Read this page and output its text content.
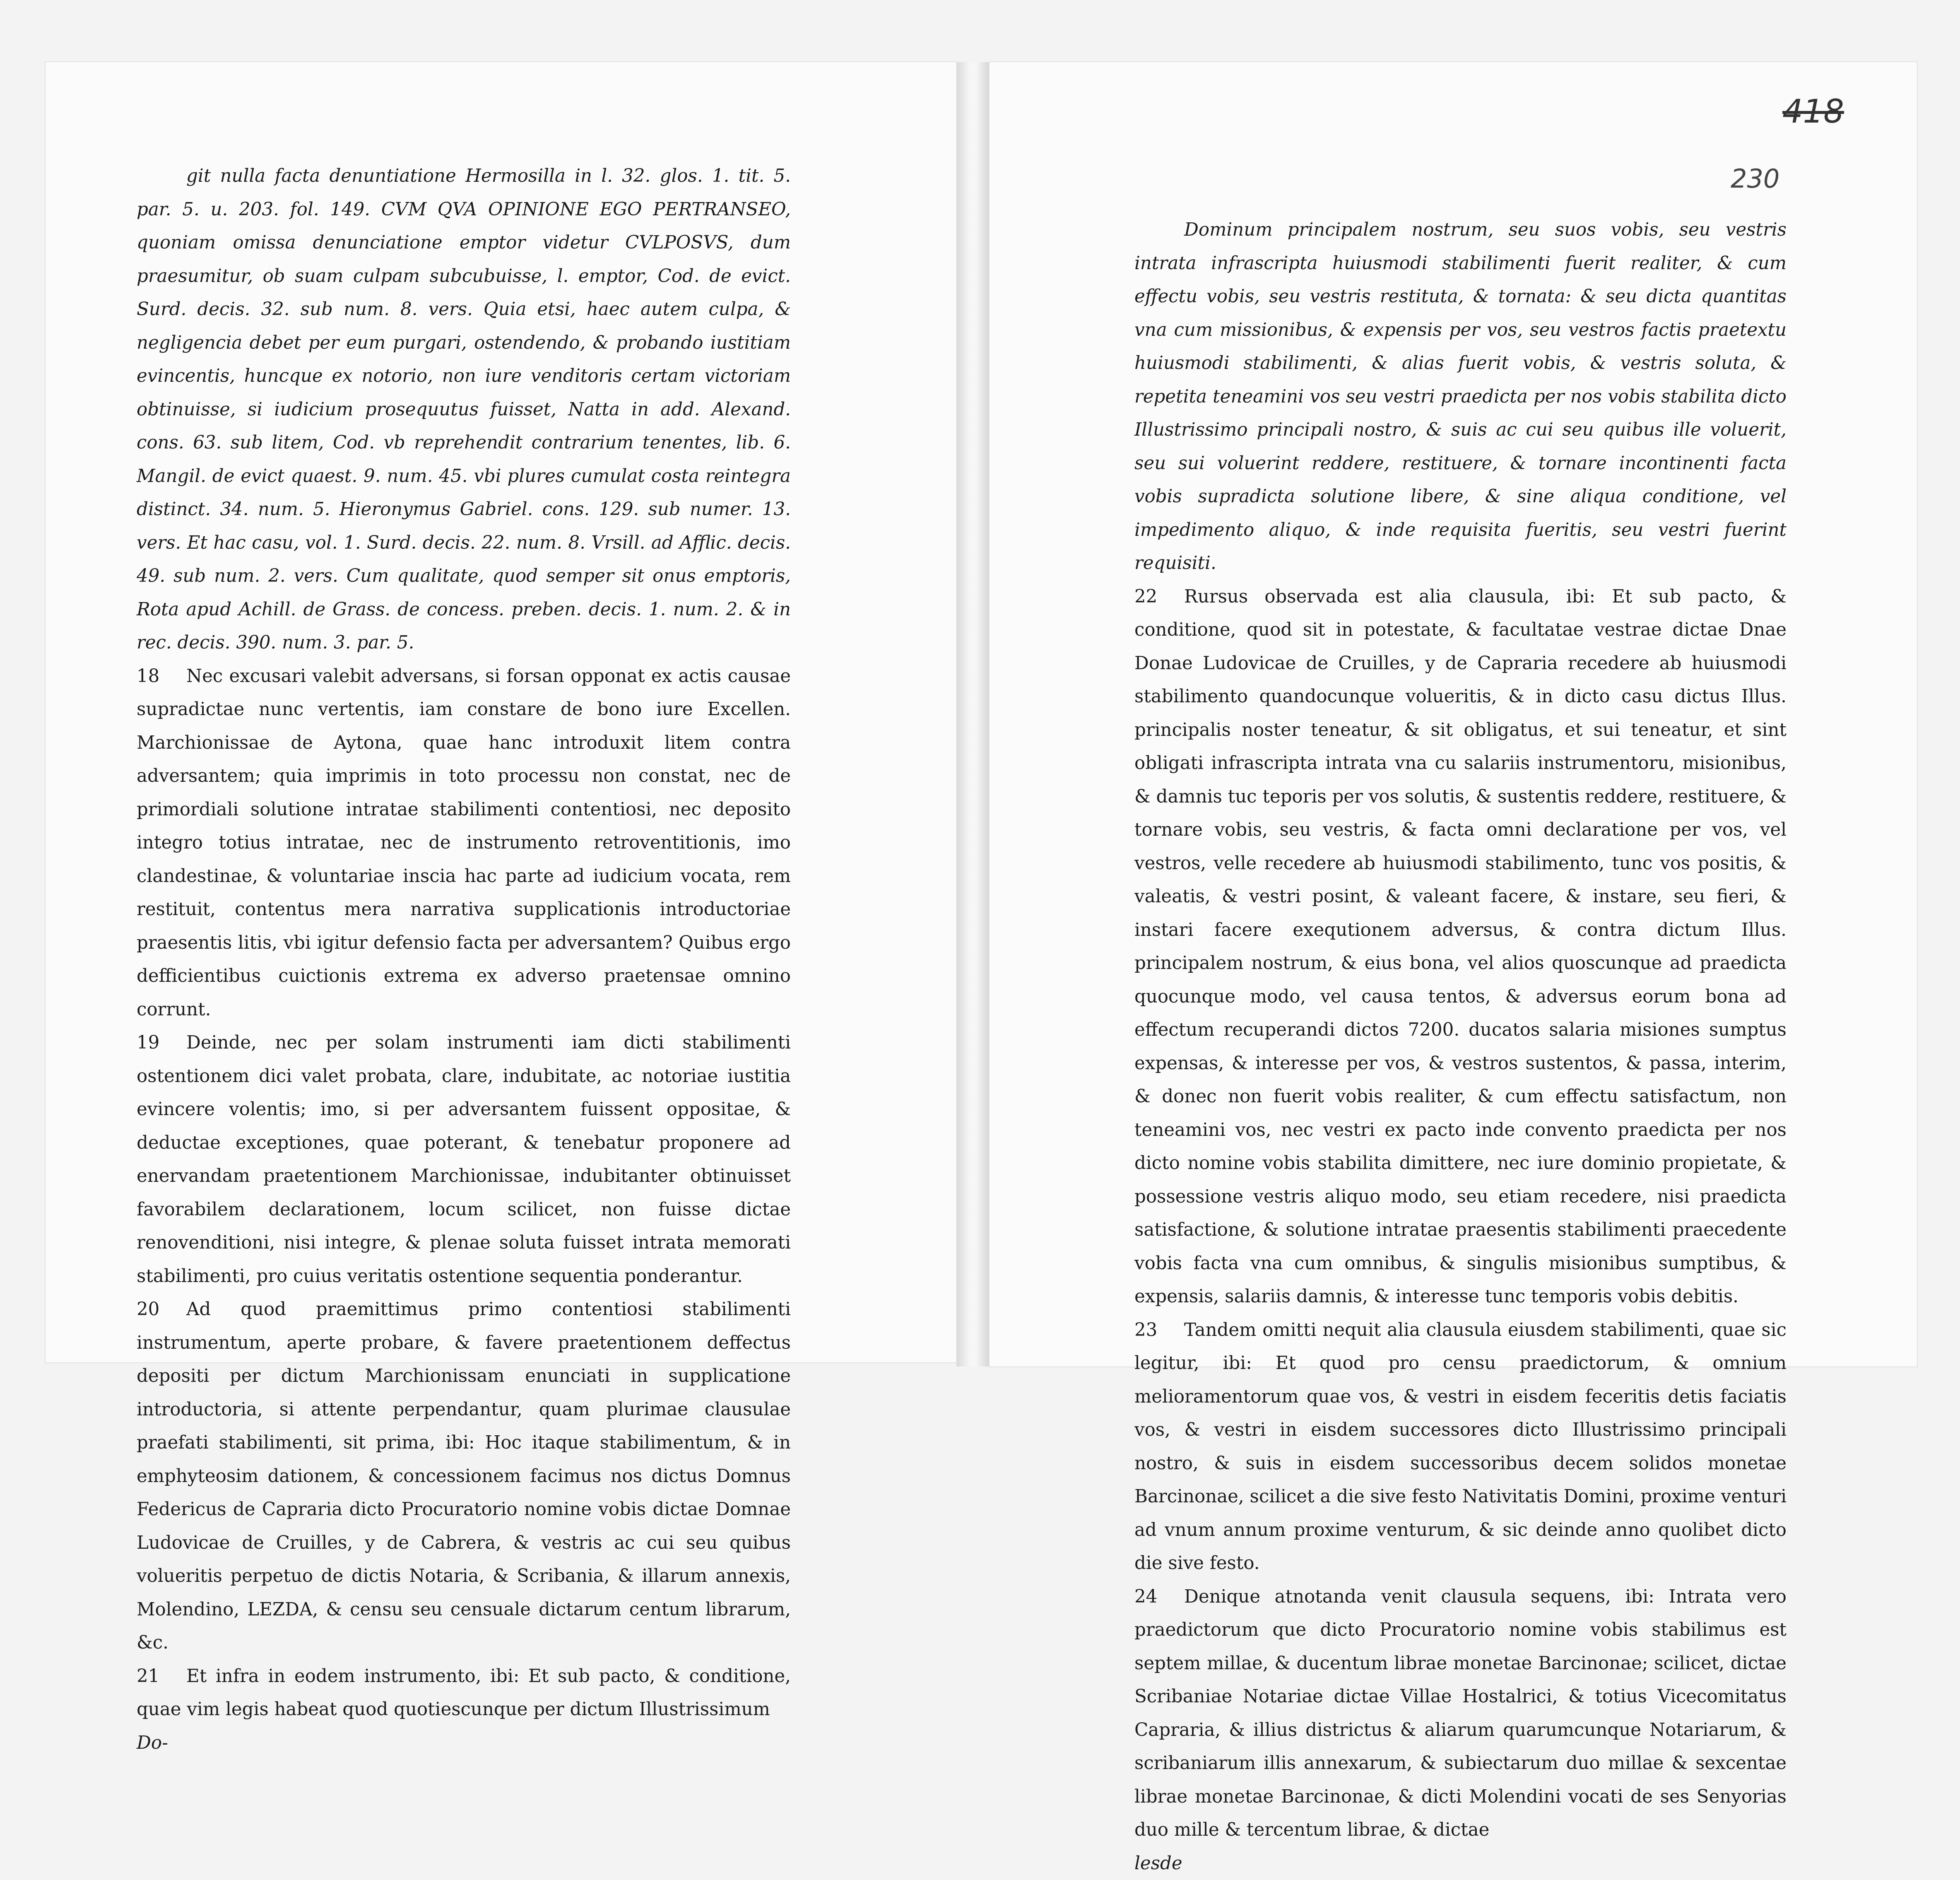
418
230

git nulla facta denuntiatione Hermosilla in l. 32. glos. 1. tit. 5. par. 5. u. 203. fol. 149. CVM QVA OPINIONE EGO PERTRANSEO, quoniam omissa denunciatione emptor videtur CVLPOSVS, dum praesumitur, ob suam culpam subcubuisse, l. emptor, Cod. de evict. Surd. decis. 32. sub num. 8. vers. Quia etsi, haec autem culpa, & negligencia debet per eum purgari, ostendendo, & probando iustitiam evincentis, huncque ex notorio, non iure venditoris certam victoriam obtinuisse, si iudicium prosequutus fuisset, Natta in add. Alexand. cons. 63. sub litem, Cod. vb reprehendit contrarium tenentes, lib. 6. Mangil. de evict quaest. 9. num. 45. vbi plures cumulat costa reintegra distinct. 34. num. 5. Hieronymus Gabriel. cons. 129. sub numer. 13. vers. Et hac casu, vol. 1. Surd. decis. 22. num. 8. Vrsill. ad Afflic. decis. 49. sub num. 2. vers. Cum qualitate, quod semper sit onus emptoris, Rota apud Achill. de Grass. de concess. preben. decis. 1. num. 2. & in rec. decis. 390. num. 3. par. 5.

18 Nec excusari valebit adversans, si forsan opponat ex actis causae supradictae nunc vertentis, iam constare de bono iure Excellen. Marchionissae de Aytona, quae hanc introduxit litem contra adversantem; quia imprimis in toto processu non constat, nec de primordiali solutione intratae stabilimenti contentiosi, nec deposito integro totius intratae, nec de instrumento retroventitionis, imo clandestinae, & voluntariae inscia hac parte ad iudicium vocata, rem restituit, contentus mera narrativa supplicationis introductoriae praesentis litis, vbi igitur defensio facta per adversantem? Quibus ergo defficientibus cuictionis extrema ex adverso praetensae omnino corrunt.

19 Deinde, nec per solam instrumenti iam dicti stabilimenti ostentionem dici valet probata, clare, indubitate, ac notoriae iustitia evincere volentis; imo, si per adversantem fuissent oppositae, & deductae exceptiones, quae poterant, & tenebatur proponere ad enervandam praetentionem Marchionissae, indubitanter obtinuisset favorabilem declarationem, locum scilicet, non fuisse dictae renovenditioni, nisi integre, & plenae soluta fuisset intrata memorati stabilimenti, pro cuius veritatis ostentione sequentia ponderantur.

20 Ad quod praemittimus primo contentiosi stabilimenti instrumentum, aperte probare, & favere praetentionem deffectus depositi per dictum Marchionissam enunciati in supplicatione introductoria, si attente perpendantur, quam plurimae clausulae praefati stabilimenti, sit prima, ibi: Hoc itaque stabilimentum, & in emphyteosim dationem, & concessionem facimus nos dictus Domnus Federicus de Capraria dicto Procuratorio nomine vobis dictae Domnae Ludovicae de Cruilles, y de Cabrera, & vestris ac cui seu quibus volueritis perpetuo de dictis Notaria, & Scribania, & illarum annexis, Molendino, LEZDA, & censu seu censuale dictarum centum librarum, &c.

21 Et infra in eodem instrumento, ibi: Et sub pacto, & conditione, quae vim legis habeat quod quotiescunque per dictum Illustrissimum

Do-

Dominum principalem nostrum, seu suos vobis, seu vestris intrata infrascripta huiusmodi stabilimenti fuerit realiter, & cum effectu vobis, seu vestris restituta, & tornata: & seu dicta quantitas vna cum missionibus, & expensis per vos, seu vestros factis praetextu huiusmodi stabilimenti, & alias fuerit vobis, & vestris soluta, & repetita teneamini vos seu vestri praedicta per nos vobis stabilita dicto Illustrissimo principali nostro, & suis ac cui seu quibus ille voluerit, seu sui voluerint reddere, restituere, & tornare incontinenti facta vobis supradicta solutione libere, & sine aliqua conditione, vel impedimento aliquo, & inde requisita fueritis, seu vestri fuerint requisiti.

22 Rursus observada est alia clausula, ibi: Et sub pacto, & conditione, quod sit in potestate, & facultatae vestrae dictae Dnae Donae Ludovicae de Cruilles, y de Capraria recedere ab huiusmodi stabilimento quandocunque volueritis, & in dicto casu dictus Illus. principalis noster teneatur, & sit obligatus, et sui teneatur, et sint obligati infrascripta intrata vna cu salariis instrumentoru, misionibus, & damnis tuc teporis per vos solutis, & sustentis reddere, restituere, & tornare vobis, seu vestris, & facta omni declaratione per vos, vel vestros, velle recedere ab huiusmodi stabilimento, tunc vos positis, & valeatis, & vestri posint, & valeant facere, & instare, seu fieri, & instari facere exequtionem adversus, & contra dictum Illus. principalem nostrum, & eius bona, vel alios quoscunque ad praedicta quocunque modo, vel causa tentos, & adversus eorum bona ad effectum recuperandi dictos 7200. ducatos salaria misiones sumptus expensas, & interesse per vos, & vestros sustentos, & passa, interim, & donec non fuerit vobis realiter, & cum effectu satisfactum, non teneamini vos, nec vestri ex pacto inde convento praedicta per nos dicto nomine vobis stabilita dimittere, nec iure dominio propietate, & possessione vestris aliquo modo, seu etiam recedere, nisi praedicta satisfactione, & solutione intratae praesentis stabilimenti praecedente vobis facta vna cum omnibus, & singulis misionibus sumptibus, & expensis, salariis damnis, & interesse tunc temporis vobis debitis.

23 Tandem omitti nequit alia clausula eiusdem stabilimenti, quae sic legitur, ibi: Et quod pro censu praedictorum, & omnium melioramentorum quae vos, & vestri in eisdem feceritis detis faciatis vos, & vestri in eisdem successores dicto Illustrissimo principali nostro, & suis in eisdem successoribus decem solidos monetae Barcinonae, scilicet a die sive festo Nativitatis Domini, proxime venturi ad vnum annum proxime venturum, & sic deinde anno quolibet dicto die sive festo.

24 Denique atnotanda venit clausula sequens, ibi: Intrata vero praedictorum que dicto Procuratorio nomine vobis stabilimus est septem millae, & ducentum librae monetae Barcinonae; scilicet, dictae Scribaniae Notariae dictae Villae Hostalrici, & totius Vicecomitatus Capraria, & illius districtus & aliarum quarumcunque Notariarum, & scribaniarum illis annexarum, & subiectarum duo millae & sexcentae librae monetae Barcinonae, & dicti Molendini vocati de ses Senyorias duo mille & tercentum librae, & dictae

lesde
